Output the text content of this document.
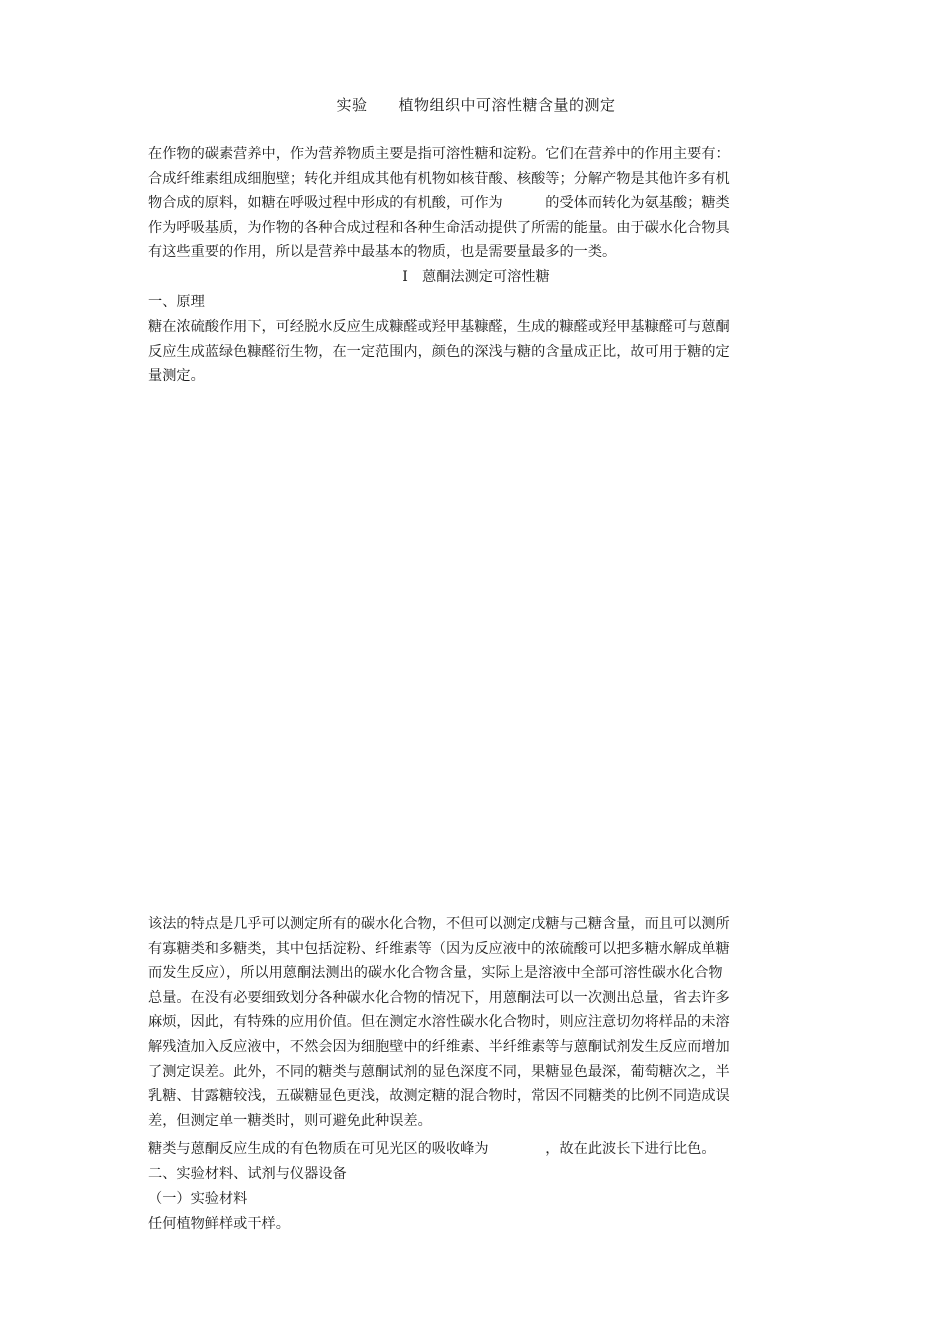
实验　　植物组织中可溶性糖含量的测定
在作物的碳素营养中，作为营养物质主要是指可溶性糖和淀粉。它们在营养中的作用主要有：
合成纤维素组成细胞壁；转化并组成其他有机物如核苷酸、核酸等；分解产物是其他许多有机
物合成的原料，如糖在呼吸过程中形成的有机酸，可作为　　　的受体而转化为氨基酸；糖类
作为呼吸基质，为作物的各种合成过程和各种生命活动提供了所需的能量。由于碳水化合物具
有这些重要的作用，所以是营养中最基本的物质，也是需要量最多的一类。
Ⅰ　蒽酮法测定可溶性糖
一、原理
糖在浓硫酸作用下，可经脱水反应生成糠醛或羟甲基糠醛，生成的糠醛或羟甲基糠醛可与蒽酮
反应生成蓝绿色糠醛衍生物，在一定范围内，颜色的深浅与糖的含量成正比，故可用于糖的定
量测定。
该法的特点是几乎可以测定所有的碳水化合物，不但可以测定戊糖与己糖含量，而且可以测所
有寡糖类和多糖类，其中包括淀粉、纤维素等（因为反应液中的浓硫酸可以把多糖水解成单糖
而发生反应），所以用蒽酮法测出的碳水化合物含量，实际上是溶液中全部可溶性碳水化合物
总量。在没有必要细致划分各种碳水化合物的情况下，用蒽酮法可以一次测出总量，省去许多
麻烦，因此，有特殊的应用价值。但在测定水溶性碳水化合物时，则应注意切勿将样品的未溶
解残渣加入反应液中，不然会因为细胞壁中的纤维素、半纤维素等与蒽酮试剂发生反应而增加
了测定误差。此外，不同的糖类与蒽酮试剂的显色深度不同，果糖显色最深，葡萄糖次之，半
乳糖、甘露糖较浅，五碳糖显色更浅，故测定糖的混合物时，常因不同糖类的比例不同造成误
差，但测定单一糖类时，则可避免此种误差。
糖类与蒽酮反应生成的有色物质在可见光区的吸收峰为　　　　，故在此波长下进行比色。
二、实验材料、试剂与仪器设备
（一）实验材料
任何植物鲜样或干样。
